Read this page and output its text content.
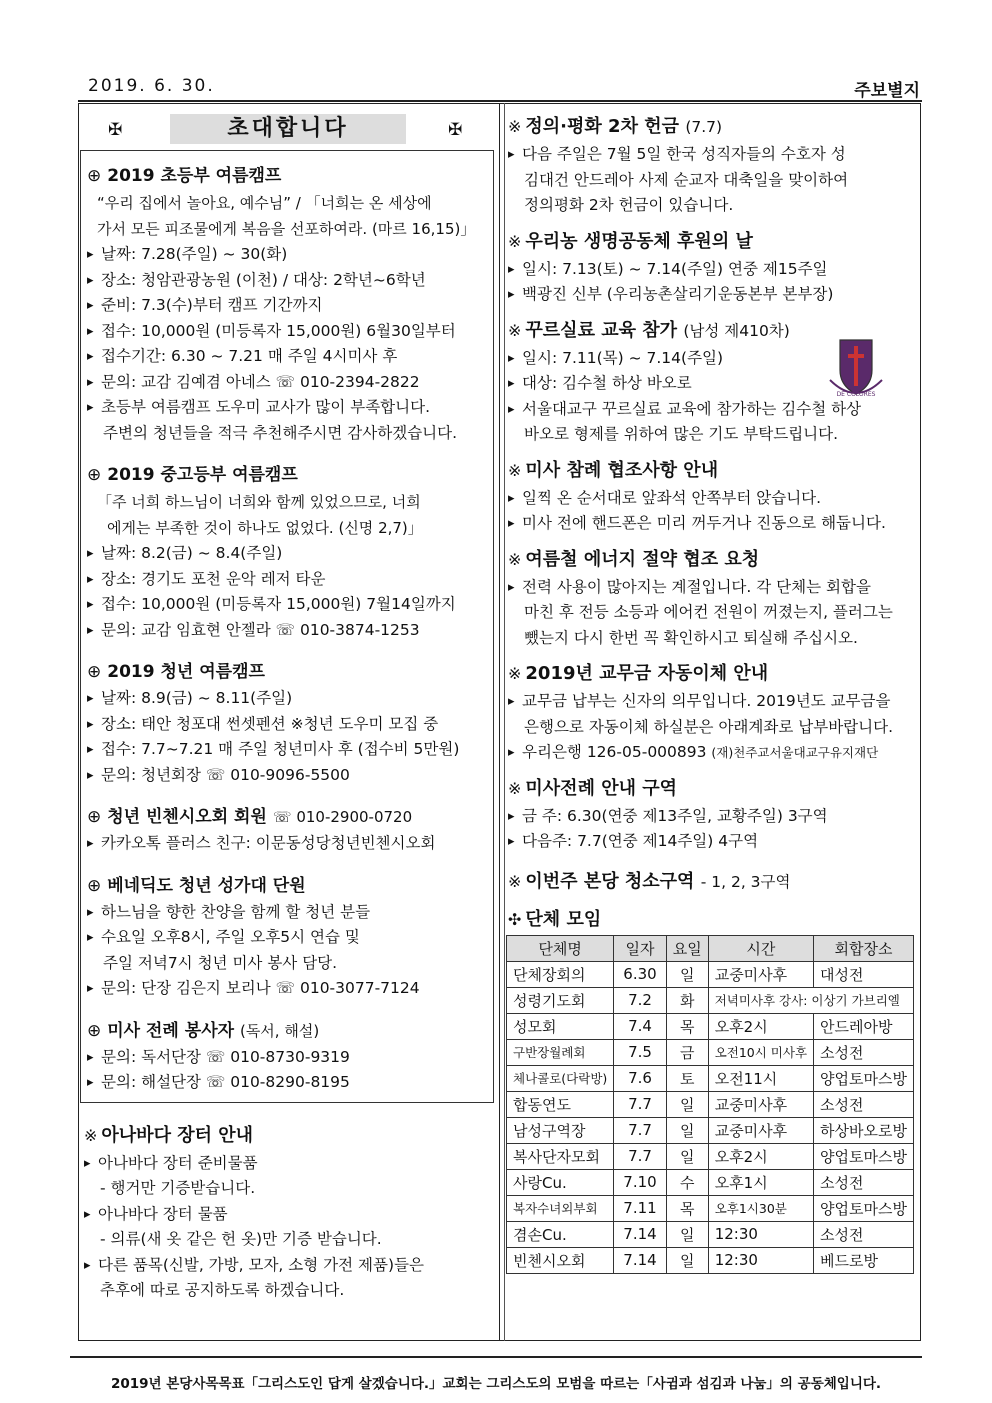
2019. 6. 30.	주보별지
✠	초대합니다	✠
⊕ 2019 초등부 여름캠프
“우리 집에서 놀아요, 예수님” / 「너희는 온 세상에
가서 모든 피조물에게 복음을 선포하여라. (마르 16,15)」
▸ 날짜: 7.28(주일) ~ 30(화)
▸ 장소: 청암관광농원 (이천) / 대상: 2학년~6학년
▸ 준비: 7.3(수)부터 캠프 기간까지
▸ 접수: 10,000원 (미등록자 15,000원) 6월30일부터
▸ 접수기간: 6.30 ~ 7.21 매 주일 4시미사 후
▸ 문의: 교감 김예겸 아네스 ☏ 010-2394-2822
▸ 초등부 여름캠프 도우미 교사가 많이 부족합니다.
주변의 청년들을 적극 추천해주시면 감사하겠습니다.
⊕ 2019 중고등부 여름캠프
「주 너희 하느님이 너희와 함께 있었으므로, 너희
에게는 부족한 것이 하나도 없었다. (신명 2,7)」
▸ 날짜: 8.2(금) ~ 8.4(주일)
▸ 장소: 경기도 포천 운악 레저 타운
▸ 접수: 10,000원 (미등록자 15,000원) 7월14일까지
▸ 문의: 교감 임효현 안젤라 ☏ 010-3874-1253
⊕ 2019 청년 여름캠프
▸ 날짜: 8.9(금) ~ 8.11(주일)
▸ 장소: 태안 청포대 썬셋펜션 ※청년 도우미 모집 중
▸ 접수: 7.7~7.21 매 주일 청년미사 후 (접수비 5만원)
▸ 문의: 청년회장 ☏ 010-9096-5500
⊕ 청년 빈첸시오회 회원 ☏ 010-2900-0720
▸ 카카오톡 플러스 친구: 이문동성당청년빈첸시오회
⊕ 베네딕도 청년 성가대 단원
▸ 하느님을 향한 찬양을 함께 할 청년 분들
▸ 수요일 오후8시, 주일 오후5시 연습 및
주일 저녁7시 청년 미사 봉사 담당.
▸ 문의: 단장 김은지 보리나 ☏ 010-3077-7124
⊕ 미사 전례 봉사자 (독서, 해설)
▸ 문의: 독서단장 ☏ 010-8730-9319
▸ 문의: 해설단장 ☏ 010-8290-8195
※ 아나바다 장터 안내
▸ 아나바다 장터 준비물품
- 행거만 기증받습니다.
▸ 아나바다 장터 물품
- 의류(새 옷 같은 헌 옷)만 기증 받습니다.
▸ 다른 품목(신발, 가방, 모자, 소형 가전 제품)들은
추후에 따로 공지하도록 하겠습니다.
※ 정의·평화 2차 헌금 (7.7)
▸ 다음 주일은 7월 5일 한국 성직자들의 수호자 성
김대건 안드레아 사제 순교자 대축일을 맞이하여
정의평화 2차 헌금이 있습니다.
※ 우리농 생명공동체 후원의 날
▸ 일시: 7.13(토) ~ 7.14(주일) 연중 제15주일
▸ 백광진 신부 (우리농촌살리기운동본부 본부장)
※ 꾸르실료 교육 참가 (남성 제410차)
▸ 일시: 7.11(목) ~ 7.14(주일)
▸ 대상: 김수철 하상 바오로
▸ 서울대교구 꾸르실료 교육에 참가하는 김수철 하상
바오로 형제를 위하여 많은 기도 부탁드립니다.
※ 미사 참례 협조사항 안내
▸ 일찍 온 순서대로 앞좌석 안쪽부터 앉습니다.
▸ 미사 전에 핸드폰은 미리 꺼두거나 진동으로 해둡니다.
※ 여름철 에너지 절약 협조 요청
▸ 전력 사용이 많아지는 계절입니다. 각 단체는 회합을
마친 후 전등 소등과 에어컨 전원이 꺼졌는지, 플러그는
뺐는지 다시 한번 꼭 확인하시고 퇴실해 주십시오.
※ 2019년 교무금 자동이체 안내
▸ 교무금 납부는 신자의 의무입니다. 2019년도 교무금을
은행으로 자동이체 하실분은 아래계좌로 납부바랍니다.
▸ 우리은행 126-05-000893 (재)천주교서울대교구유지재단
※ 미사전례 안내 구역
▸ 금 주: 6.30(연중 제13주일, 교황주일) 3구역
▸ 다음주: 7.7(연중 제14주일) 4구역
※ 이번주 본당 청소구역 - 1, 2, 3구역
✣ 단체 모임
단체명	일자	요일	시간	회합장소
단체장회의	6.30	일	교중미사후	대성전
성령기도회	7.2	화	저녁미사후 강사: 이상기 가브리엘	
성모회	7.4	목	오후2시	안드레아방
구반장월례회	7.5	금	오전10시 미사후	소성전
체나콜로(다락방)	7.6	토	오전11시	양업토마스방
합동연도	7.7	일	교중미사후	소성전
남성구역장	7.7	일	교중미사후	하상바오로방
복사단자모회	7.7	일	오후2시	양업토마스방
사랑Cu.	7.10	수	오후1시	소성전
복자수녀외부회	7.11	목	오후1시30분	양업토마스방
겸손Cu.	7.14	일	12:30	소성전
빈첸시오회	7.14	일	12:30	베드로방
DE COLORES
2019년 본당사목목표「그리스도인 답게 살겠습니다.」교회는 그리스도의 모범을 따르는「사귐과 섬김과 나눔」의 공동체입니다.
